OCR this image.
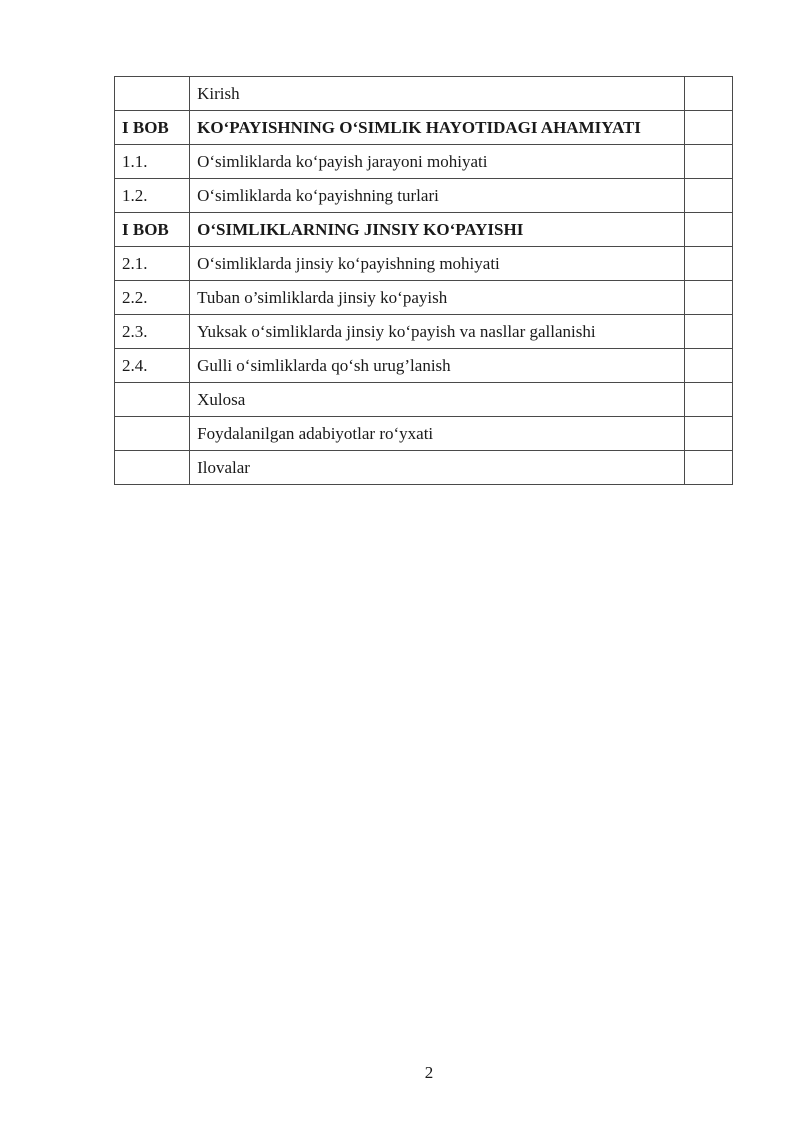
	Kirish	
I BOB	KO‘PAYISHNING O‘SIMLIK HAYOTIDAGI AHAMIYATI	
1.1.	O‘simliklarda ko‘payish jarayoni mohiyati	
1.2.	O‘simliklarda ko‘payishning turlari	
I BOB	O‘SIMLIKLARNING JINSIY KO‘PAYISHI	
2.1.	O‘simliklarda jinsiy ko‘payishning mohiyati	
2.2.	Tuban o’simliklarda jinsiy ko‘payish	
2.3.	Yuksak o‘simliklarda jinsiy ko‘payish va nasllar gallanishi	
2.4.	Gulli o‘simliklarda qo‘sh urug’lanish	
	Xulosa	
	Foydalanilgan adabiyotlar ro‘yxati	
	Ilovalar	
2
